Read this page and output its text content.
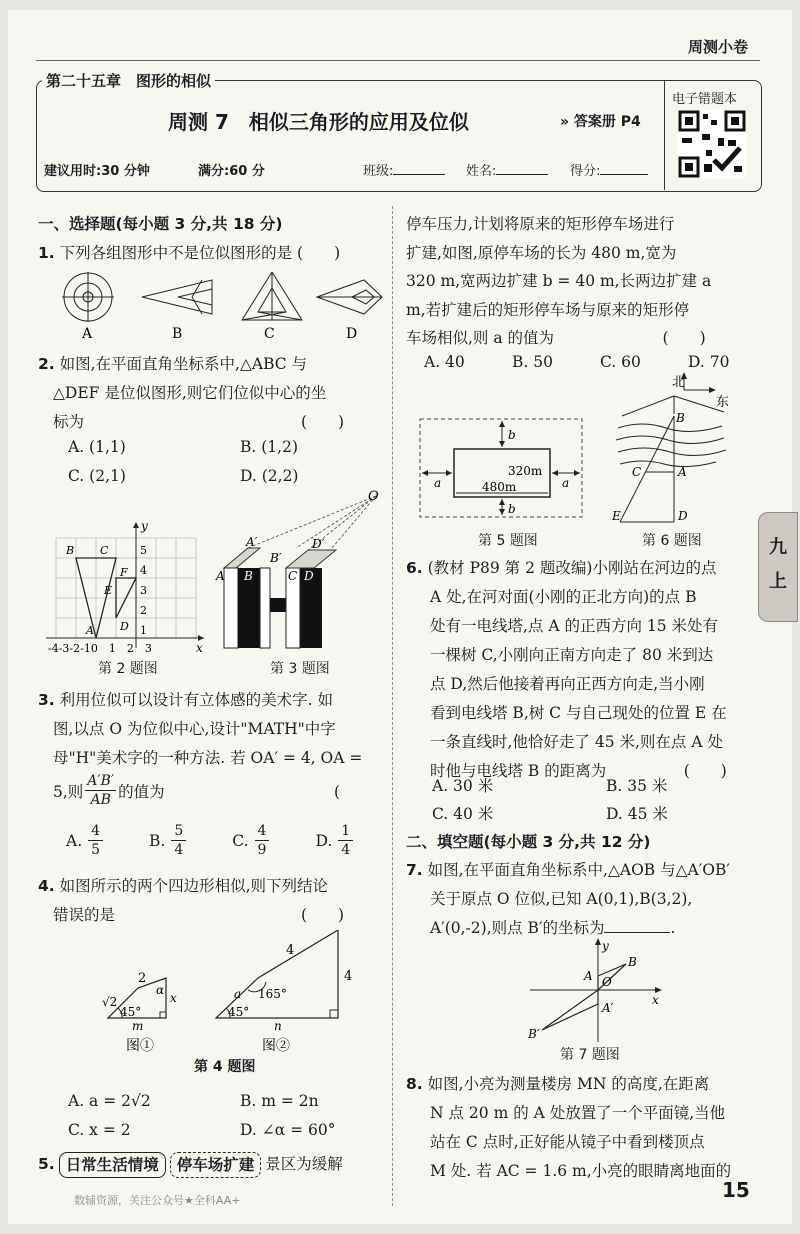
周测小卷
第二十五章　图形的相似
周测 7　相似三角形的应用及位似	» 答案册 P4
电子错题本
建议用时:30 分钟	满分:60 分	班级:	姓名:	得分:
九
上
一、选择题(每小题 3 分,共 18 分)
1. 下列各组图形中不是位似图形的是 (　　)
A	B	C	D
2. 如图,在平面直角坐标系中,△ABC 与
△DEF 是位似图形,则它们位似中心的坐
标为　　　　　　　　　　　　　　(　　)
A. (1,1)	B. (1,2)
C. (2,1)	D. (2,2)
y
x
5
4
3
2
1
B C
F
E
A D
-4-3-2-10　1　2　3
第 2 题图
O
A′
B′
D′
A B	C D
第 3 题图
3. 利用位似可以设计有立体感的美术字. 如
图,以点 O 为位似中心,设计"MATH"中字
母"H"美术字的一种方法. 若 OA′ = 4, OA =
5,则
A′B′
AB 的值为	(
A.
4
5
B.
5
4
C.
4
9
D.
1
4
4. 如图所示的两个四边形相似,则下列结论
错误的是　　　　　　　　　　　　(　　)
2
α
√2
45°
x
m
4
4
a 165°
45°
n
图①	图②
第 4 题图
A. a = 2√2	B. m = 2n
C. x = 2	D. ∠α = 60°
5. 日常生活情境	停车场扩建 景区为缓解
数辅资源，关注公众号★全科AA+	15
停车压力,计划将原来的矩形停车场进行
扩建,如图,原停车场的长为 480 m,宽为
320 m,宽两边扩建 b = 40 m,长两边扩建 a
m,若扩建后的矩形停车场与原来的矩形停
车场相似,则 a 的值为　　　　　　　(　　)
A. 40	B. 50	C. 60	D. 70
b
b
a	a
320m
480m
第 5 题图
北
东
B
C	A
E	D
第 6 题图
6. (教材 P89 第 2 题改编)小刚站在河边的点
A 处,在河对面(小刚的正北方向)的点 B
处有一电线塔,点 A 的正西方向 15 米处有
一棵树 C,小刚向正南方向走了 80 米到达
点 D,然后他接着再向正西方向走,当小刚
看到电线塔 B,树 C 与自己现处的位置 E 在
一条直线时,他恰好走了 45 米,则在点 A 处
时他与电线塔 B 的距离为　　　　　(　　)
A. 30 米	B. 35 米
C. 40 米	D. 45 米
二、填空题(每小题 3 分,共 12 分)
7. 如图,在平面直角坐标系中,△AOB 与△A′OB′
关于原点 O 位似,已知 A(0,1),B(3,2),
A′(0,-2),则点 B′的坐标为	.
y
x
B
A O
A′
B′
第 7 题图
8. 如图,小亮为测量楼房 MN 的高度,在距离
N 点 20 m 的 A 处放置了一个平面镜,当他
站在 C 点时,正好能从镜子中看到楼顶点
M 处. 若 AC = 1.6 m,小亮的眼睛离地面的
